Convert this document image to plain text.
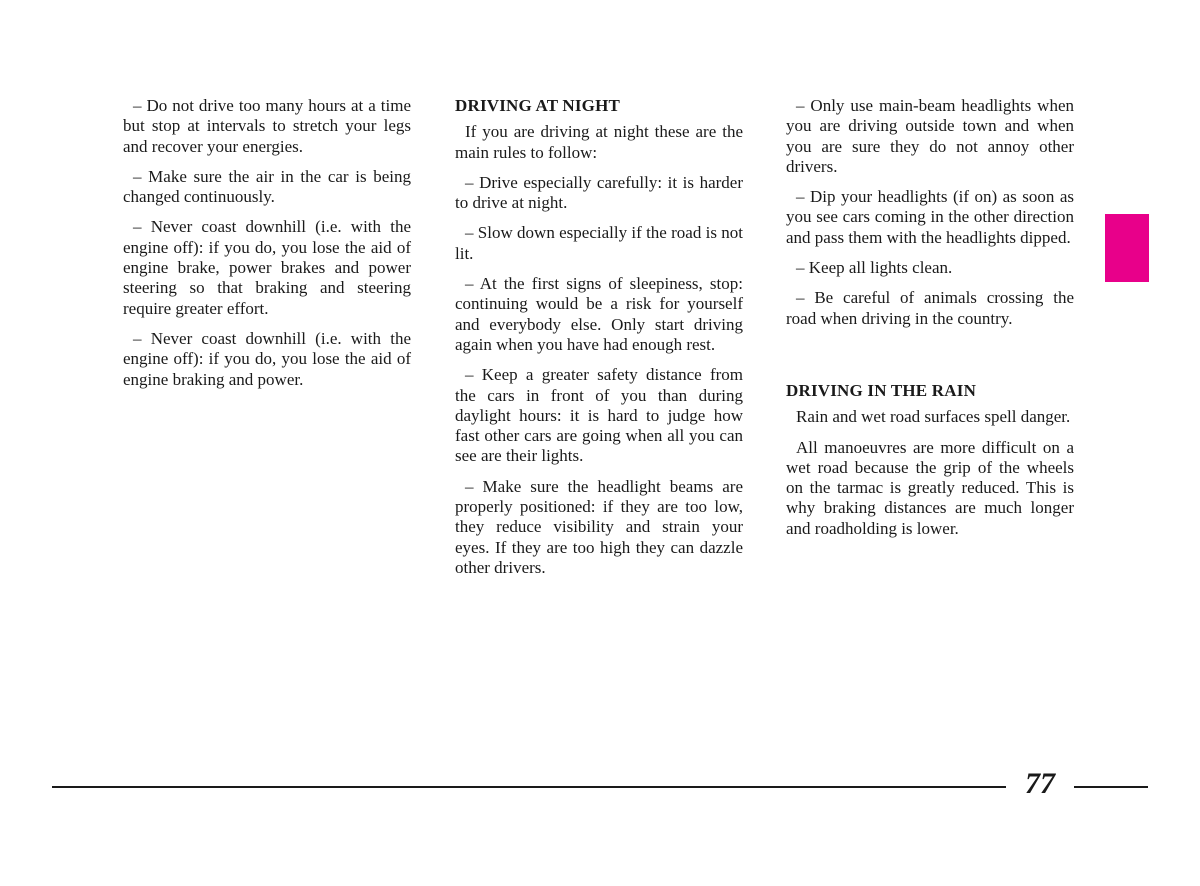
– Do not drive too many hours at a time but stop at intervals to stretch your legs and recover your energies.

– Make sure the air in the car is being changed continuously.

– Never coast downhill (i.e. with the engine off): if you do, you lose the aid of engine brake, power brakes and power steering so that braking and steering require greater effort.

– Never coast downhill (i.e. with the engine off): if you do, you lose the aid of engine braking and power.

DRIVING AT NIGHT

If you are driving at night these are the main rules to follow:

– Drive especially carefully: it is harder to drive at night.

– Slow down especially if the road is not lit.

– At the first signs of sleepiness, stop: continuing would be a risk for yourself and everybody else. Only start driving again when you have had enough rest.

– Keep a greater safety distance from the cars in front of you than during daylight hours: it is hard to judge how fast other cars are going when all you can see are their lights.

– Make sure the headlight beams are properly positioned: if they are too low, they reduce visibility and strain your eyes. If they are too high they can dazzle other drivers.

– Only use main-beam headlights when you are driving outside town and when you are sure they do not annoy other drivers.

– Dip your headlights (if on) as soon as you see cars coming in the other direction and pass them with the headlights dipped.

– Keep all lights clean.

– Be careful of animals crossing the road when driving in the country.

DRIVING IN THE RAIN

Rain and wet road surfaces spell danger.

All manoeuvres are more difficult on a wet road because the grip of the wheels on the tarmac is greatly reduced. This is why braking distances are much longer and roadholding is lower.

77
